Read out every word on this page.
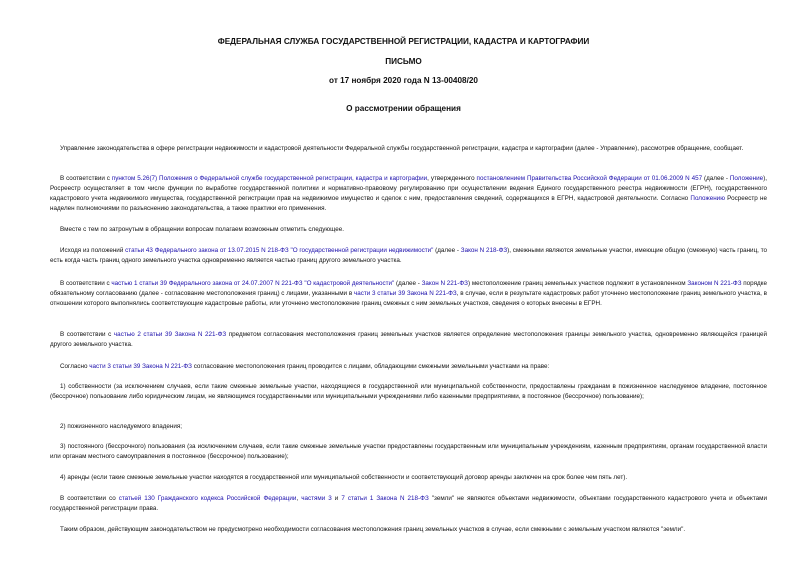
ФЕДЕРАЛЬНАЯ СЛУЖБА ГОСУДАРСТВЕННОЙ РЕГИСТРАЦИИ, КАДАСТРА И КАРТОГРАФИИ
ПИСЬМО
от 17 ноября 2020 года N 13-00408/20
О рассмотрении обращения

Управление законодательства в сфере регистрации недвижимости и кадастровой деятельности Федеральной службы государственной регистрации, кадастра и картографии (далее - Управление), рассмотрев обращение, сообщает.

В соответствии с пунктом 5.26(7) Положения о Федеральной службе государственной регистрации, кадастра и картографии, утвержденного постановлением Правительства Российской Федерации от 01.06.2009 N 457 (далее - Положение), Росреестр осуществляет в том числе функции по выработке государственной политики и нормативно-правовому регулированию при осуществлении ведения Единого государственного реестра недвижимости (ЕГРН), государственного кадастрового учета недвижимого имущества, государственной регистрации прав на недвижимое имущество и сделок с ним, предоставления сведений, содержащихся в ЕГРН, кадастровой деятельности. Согласно Положению Росреестр не наделен полномочиями по разъяснению законодательства, а также практики его применения.

Вместе с тем по затронутым в обращении вопросам полагаем возможным отметить следующее.

Исходя из положений статьи 43 Федерального закона от 13.07.2015 N 218-ФЗ "О государственной регистрации недвижимости" (далее - Закон N 218-ФЗ), смежными являются земельные участки, имеющие общую (смежную) часть границ, то есть когда часть границ одного земельного участка одновременно является частью границ другого земельного участка.

В соответствии с частью 1 статьи 39 Федерального закона от 24.07.2007 N 221-ФЗ "О кадастровой деятельности" (далее - Закон N 221-ФЗ) местоположение границ земельных участков подлежит в установленном Законом N 221-ФЗ порядке обязательному согласованию (далее - согласование местоположения границ) с лицами, указанными в части 3 статьи 39 Закона N 221-ФЗ, в случае, если в результате кадастровых работ уточнено местоположение границ земельного участка, в отношении которого выполнялись соответствующие кадастровые работы, или уточнено местоположение границ смежных с ним земельных участков, сведения о которых внесены в ЕГРН.

В соответствии с частью 2 статьи 39 Закона N 221-ФЗ предметом согласования местоположения границ земельных участков является определение местоположения границы земельного участка, одновременно являющейся границей другого земельного участка.

Согласно части 3 статьи 39 Закона N 221-ФЗ согласование местоположения границ проводится с лицами, обладающими смежными земельными участками на праве:

1) собственности (за исключением случаев, если такие смежные земельные участки, находящиеся в государственной или муниципальной собственности, предоставлены гражданам в пожизненное наследуемое владение, постоянное (бессрочное) пользование либо юридическим лицам, не являющимся государственными или муниципальными учреждениями либо казенными предприятиями, в постоянное (бессрочное) пользование);

2) пожизненного наследуемого владения;

3) постоянного (бессрочного) пользования (за исключением случаев, если такие смежные земельные участки предоставлены государственным или муниципальным учреждениям, казенным предприятиям, органам государственной власти или органам местного самоуправления в постоянное (бессрочное) пользование);

4) аренды (если такие смежные земельные участки находятся в государственной или муниципальной собственности и соответствующий договор аренды заключен на срок более чем пять лет).

В соответствии со статьей 130 Гражданского кодекса Российской Федерации, частями 3 и 7 статьи 1 Закона N 218-ФЗ "земли" не являются объектами недвижимости, объектами государственного кадастрового учета и объектами государственной регистрации права.

Таким образом, действующим законодательством не предусмотрено необходимости согласования местоположения границ земельных участков в случае, если смежными с земельным участком являются "земли".
